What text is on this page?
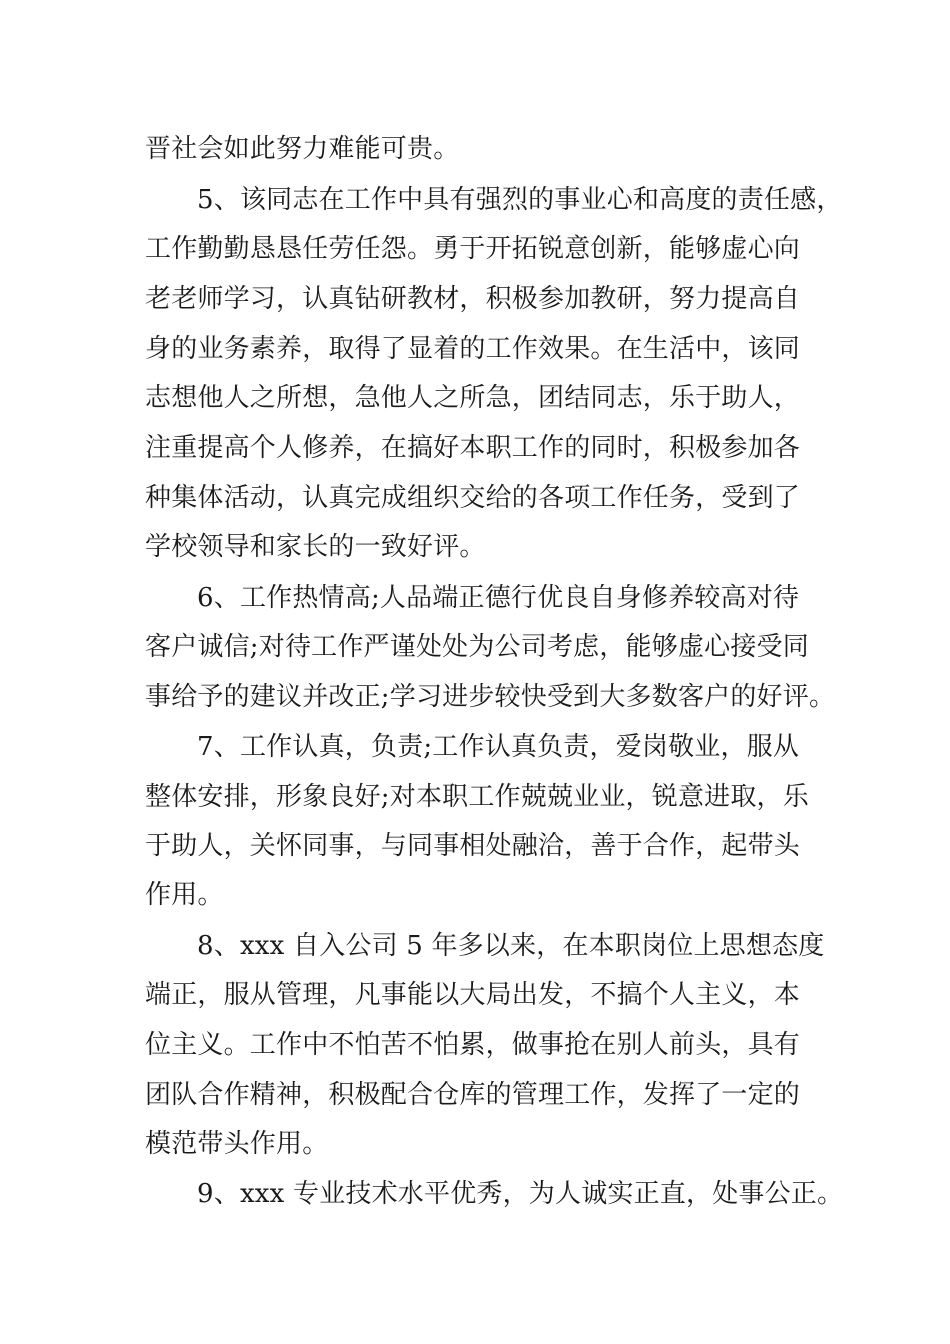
晋社会如此努力难能可贵。
5、该同志在工作中具有强烈的事业心和高度的责任感，
工作勤勤恳恳任劳任怨。勇于开拓锐意创新，能够虚心向
老老师学习，认真钻研教材，积极参加教研，努力提高自
身的业务素养，取得了显着的工作效果。在生活中，该同
志想他人之所想，急他人之所急，团结同志，乐于助人，
注重提高个人修养，在搞好本职工作的同时，积极参加各
种集体活动，认真完成组织交给的各项工作任务，受到了
学校领导和家长的一致好评。
6、工作热情高;人品端正德行优良自身修养较高对待
客户诚信;对待工作严谨处处为公司考虑，能够虚心接受同
事给予的建议并改正;学习进步较快受到大多数客户的好评。
7、工作认真，负责;工作认真负责，爱岗敬业，服从
整体安排，形象良好;对本职工作兢兢业业，锐意进取，乐
于助人，关怀同事，与同事相处融洽，善于合作，起带头
作用。
8、xxx 自入公司 5 年多以来，在本职岗位上思想态度
端正，服从管理，凡事能以大局出发，不搞个人主义，本
位主义。工作中不怕苦不怕累，做事抢在别人前头，具有
团队合作精神，积极配合仓库的管理工作，发挥了一定的
模范带头作用。
9、xxx 专业技术水平优秀，为人诚实正直，处事公正。
